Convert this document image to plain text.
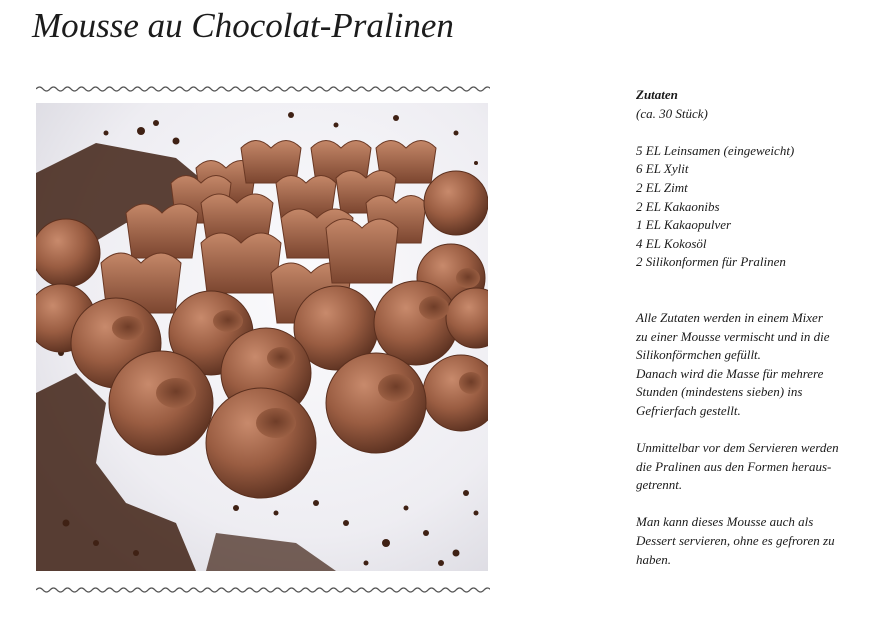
Mousse au Chocolat-Pralinen

Zutaten

(ca. 30 Stück)

5 EL Leinsamen (eingeweicht)
6 EL Xylit
2 EL Zimt
2 EL Kakaonibs
1 EL Kakaopulver
4 EL Kokosöl
2 Silikonformen für Pralinen

Alle Zutaten werden in einem Mixer
zu einer Mousse vermischt und in die
Silikonförmchen gefüllt.
Danach wird die Masse für mehrere
Stunden (mindestens sieben) ins
Gefrierfach gestellt.

Unmittelbar vor dem Servieren werden
die Pralinen aus den Formen heraus-
getrennt.

Man kann dieses Mousse auch als
Dessert servieren, ohne es gefroren zu
haben.
